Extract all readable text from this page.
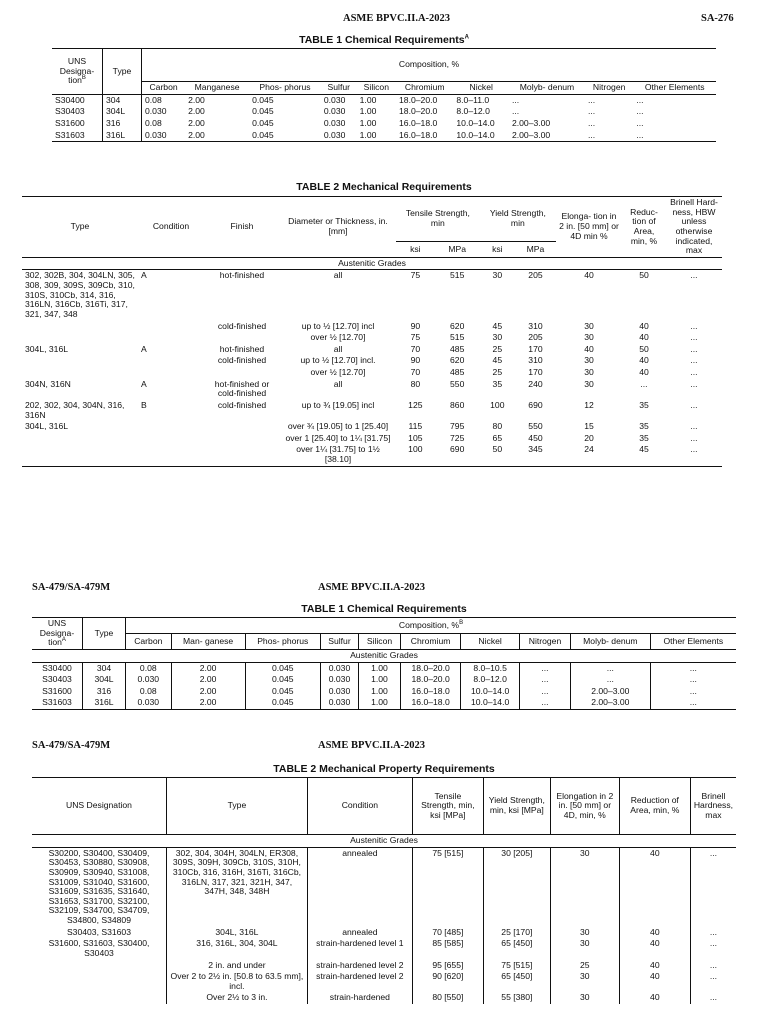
ASME BPVC.II.A-2023	SA-276
TABLE 1 Chemical Requirements$^A$
UNS Designa- tion$^B$	Type	Composition, %									
		Carbon	Manganese	Phos- phorus	Sulfur	Silicon	Chromium	Nickel	Molyb- denum	Nitrogen	Other Elements
S30400	304	0.08	2.00	0.045	0.030	1.00	18.0–20.0	8.0–11.0	...	...	...
S30403	304L	0.030	2.00	0.045	0.030	1.00	18.0–20.0	8.0–12.0	...	...	...
S31600	316	0.08	2.00	0.045	0.030	1.00	16.0–18.0	10.0–14.0	2.00–3.00	...	...
S31603	316L	0.030	2.00	0.045	0.030	1.00	16.0–18.0	10.0–14.0	2.00–3.00	...	...
TABLE 2 Mechanical Requirements
Type	Condition	Finish	Diameter or Thickness, in. [mm]	Tensile Strength, min		Yield Strength, min		Elonga- tion in 2 in. [50 mm] or 4D min %	Reduc- tion of Area, min, %	Brinell Hard- ness, HBW unless otherwise indicated, max
				ksi	MPa	ksi	MPa			
Austenitic Grades										
302, 302B, 304, 304LN, 305, 308, 309, 309S, 309Cb, 310, 310S, 310Cb, 314, 316, 316LN, 316Cb, 316Ti, 317, 321, 347, 348	A	hot-finished	all	75	515	30	205	40	50	...
		cold-finished	up to ½ [12.70] incl	90	620	45	310	30	40	...
			over ½ [12.70]	75	515	30	205	30	40	...
304L, 316L	A	hot-finished	all	70	485	25	170	40	50	...
		cold-finished	up to ½ [12.70] incl.	90	620	45	310	30	40	...
			over ½ [12.70]	70	485	25	170	30	40	...
304N, 316N	A	hot-finished or cold-finished	all	80	550	35	240	30	...	...
202, 302, 304, 304N, 316, 316N	B	cold-finished	up to ¾ [19.05] incl	125	860	100	690	12	35	...
304L, 316L			over ¾ [19.05] to 1 [25.40]	115	795	80	550	15	35	...
			over 1 [25.40] to 1¼ [31.75]	105	725	65	450	20	35	...
			over 1¼ [31.75] to 1½ [38.10]	100	690	50	345	24	45	...
SA-479/SA-479M	ASME BPVC.II.A-2023
TABLE 1 Chemical Requirements
UNS Designa- tion$^A$	Type	Composition, %$^B$
		Carbon	Man- ganese	Phos- phorus	Sulfur	Silicon	Chromium	Nickel	Nitrogen	Molyb- denum	Other Elements
Austenitic Grades											
S30400	304	0.08	2.00	0.045	0.030	1.00	18.0–20.0	8.0–10.5	...	...	...
S30403	304L	0.030	2.00	0.045	0.030	1.00	18.0–20.0	8.0–12.0	...	...	...
S31600	316	0.08	2.00	0.045	0.030	1.00	16.0–18.0	10.0–14.0	...	2.00–3.00	...
S31603	316L	0.030	2.00	0.045	0.030	1.00	16.0–18.0	10.0–14.0	...	2.00–3.00	...
SA-479/SA-479M	ASME BPVC.II.A-2023
TABLE 2 Mechanical Property Requirements
UNS Designation	Type	Condition	Tensile Strength, min, ksi [MPa]	Yield Strength, min, ksi [MPa]	Elongation in 2 in. [50 mm] or 4D, min, %	Reduction of Area, min, %	Brinell Hardness, max
Austenitic Grades							
S30200, S30400, S30409, S30453, S30880, S30908, S30909, S30940, S31008, S31009, S31040, S31600, S31609, S31635, S31640, S31653, S31700, S32100, S32109, S34700, S34709, S34800, S34809	302, 304, 304H, 304LN, ER308, 309S, 309H, 309Cb, 310S, 310H, 310Cb, 316, 316H, 316Ti, 316Cb, 316LN, 317, 321, 321H, 347, 347H, 348, 348H	annealed	75 [515]	30 [205]	30	40	...
S30403, S31603	304L, 316L	annealed	70 [485]	25 [170]	30	40	...
S31600, S31603, S30400, S30403	316, 316L, 304, 304L	strain-hardened level 1	85 [585]	65 [450]	30	40	...
	2 in. and under	strain-hardened level 2	95 [655]	75 [515]	25	40	...
	Over 2 to 2½ in. [50.8 to 63.5 mm], incl.	strain-hardened level 2	90 [620]	65 [450]	30	40	...
	Over 2½ to 3 in.	strain-hardened	80 [550]	55 [380]	30	40	...
